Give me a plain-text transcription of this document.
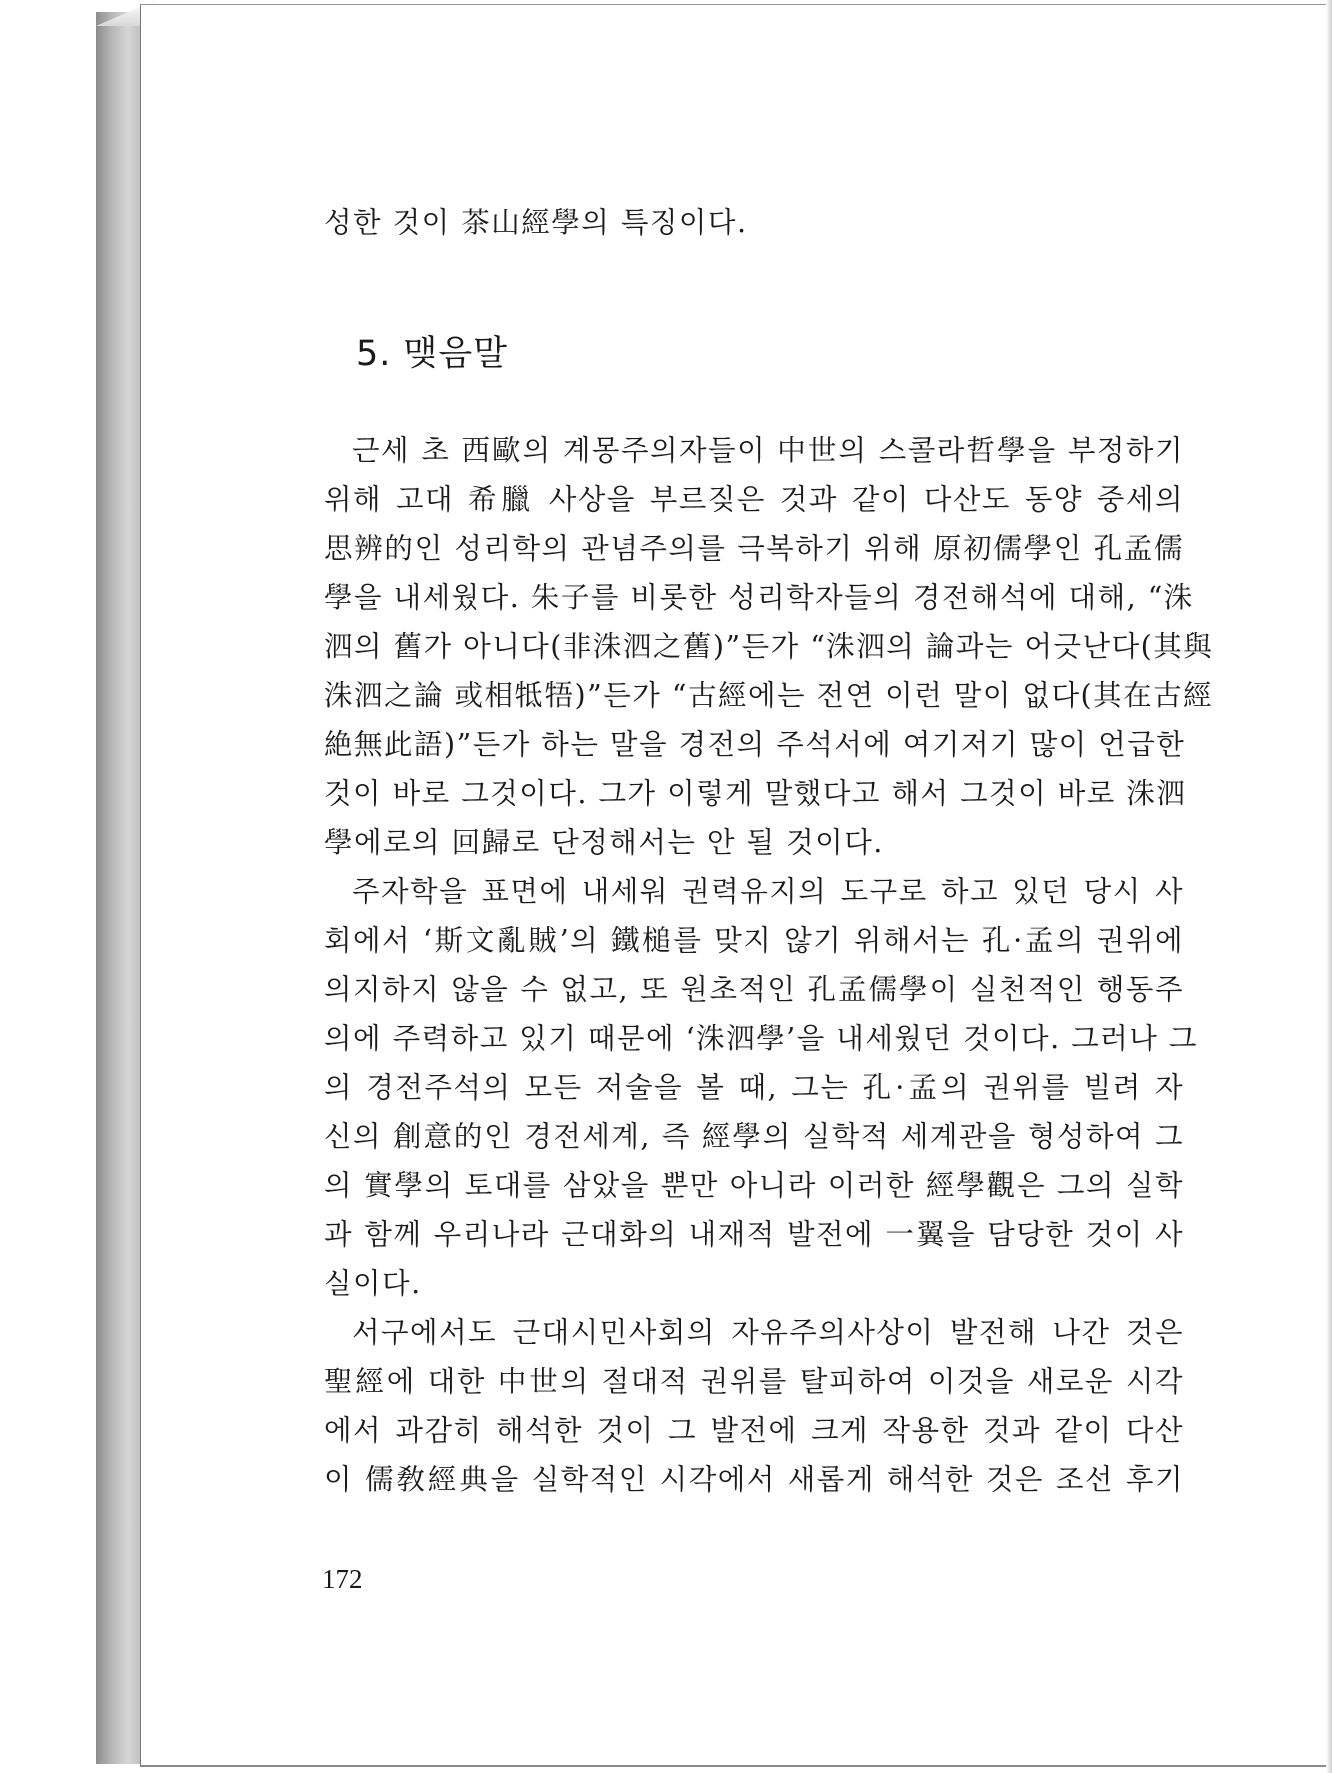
성한 것이 茶山經學의 특징이다.
근세 초 西歐의 계몽주의자들이 中世의 스콜라哲學을 부정하기
위해 고대 希臘 사상을 부르짖은 것과 같이 다산도 동양 중세의
思辨的인 성리학의 관념주의를 극복하기 위해 原初儒學인 孔孟儒
學을 내세웠다. 朱子를 비롯한 성리학자들의 경전해석에 대해, “洙
泗의 舊가 아니다(非洙泗之舊)”든가 “洙泗의 論과는 어긋난다(其與
洙泗之論 或相牴牾)”든가 “古經에는 전연 이런 말이 없다(其在古經
絶無此語)”든가 하는 말을 경전의 주석서에 여기저기 많이 언급한
것이 바로 그것이다. 그가 이렇게 말했다고 해서 그것이 바로 洙泗
學에로의 回歸로 단정해서는 안 될 것이다.
주자학을 표면에 내세워 권력유지의 도구로 하고 있던 당시 사
회에서 ‘斯文亂賊’의 鐵槌를 맞지 않기 위해서는 孔·孟의 권위에
의지하지 않을 수 없고, 또 원초적인 孔孟儒學이 실천적인 행동주
의에 주력하고 있기 때문에 ‘洙泗學’을 내세웠던 것이다. 그러나 그
의 경전주석의 모든 저술을 볼 때, 그는 孔·孟의 권위를 빌려 자
신의 創意的인 경전세계, 즉 經學의 실학적 세계관을 형성하여 그
의 實學의 토대를 삼았을 뿐만 아니라 이러한 經學觀은 그의 실학
과 함께 우리나라 근대화의 내재적 발전에 一翼을 담당한 것이 사
실이다.
서구에서도 근대시민사회의 자유주의사상이 발전해 나간 것은
聖經에 대한 中世의 절대적 권위를 탈피하여 이것을 새로운 시각
에서 과감히 해석한 것이 그 발전에 크게 작용한 것과 같이 다산
이 儒敎經典을 실학적인 시각에서 새롭게 해석한 것은 조선 후기
5. 맺음말
172
